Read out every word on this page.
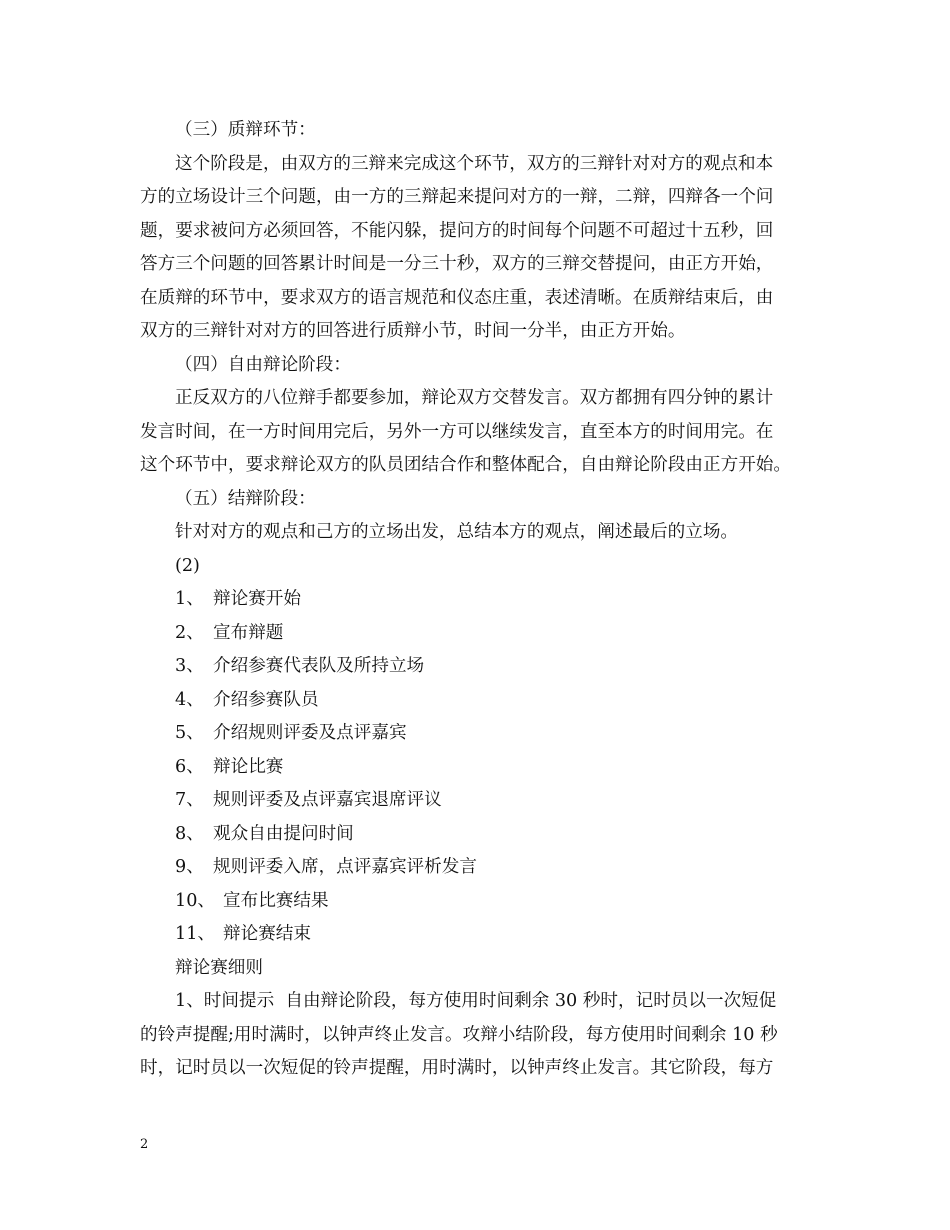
（三）质辩环节：

这个阶段是，由双方的三辩来完成这个环节，双方的三辩针对对方的观点和本

方的立场设计三个问题，由一方的三辩起来提问对方的一辩，二辩，四辩各一个问

题，要求被问方必须回答，不能闪躲，提问方的时间每个问题不可超过十五秒，回

答方三个问题的回答累计时间是一分三十秒，双方的三辩交替提问，由正方开始，

在质辩的环节中，要求双方的语言规范和仪态庄重，表述清晰。在质辩结束后，由

双方的三辩针对对方的回答进行质辩小节，时间一分半，由正方开始。

（四）自由辩论阶段：

正反双方的八位辩手都要参加，辩论双方交替发言。双方都拥有四分钟的累计

发言时间，在一方时间用完后，另外一方可以继续发言，直至本方的时间用完。在

这个环节中，要求辩论双方的队员团结合作和整体配合，自由辩论阶段由正方开始。

（五）结辩阶段：

针对对方的观点和己方的立场出发，总结本方的观点，阐述最后的立场。

(2)

1、 辩论赛开始

2、 宣布辩题

3、 介绍参赛代表队及所持立场

4、 介绍参赛队员

5、 介绍规则评委及点评嘉宾

6、 辩论比赛

7、 规则评委及点评嘉宾退席评议

8、 观众自由提问时间

9、 规则评委入席，点评嘉宾评析发言

10、 宣布比赛结果

11、 辩论赛结束

辩论赛细则

1、时间提示  自由辩论阶段，每方使用时间剩余 30 秒时，记时员以一次短促

的铃声提醒;用时满时，以钟声终止发言。攻辩小结阶段，每方使用时间剩余 10 秒

时，记时员以一次短促的铃声提醒，用时满时，以钟声终止发言。其它阶段，每方

2
